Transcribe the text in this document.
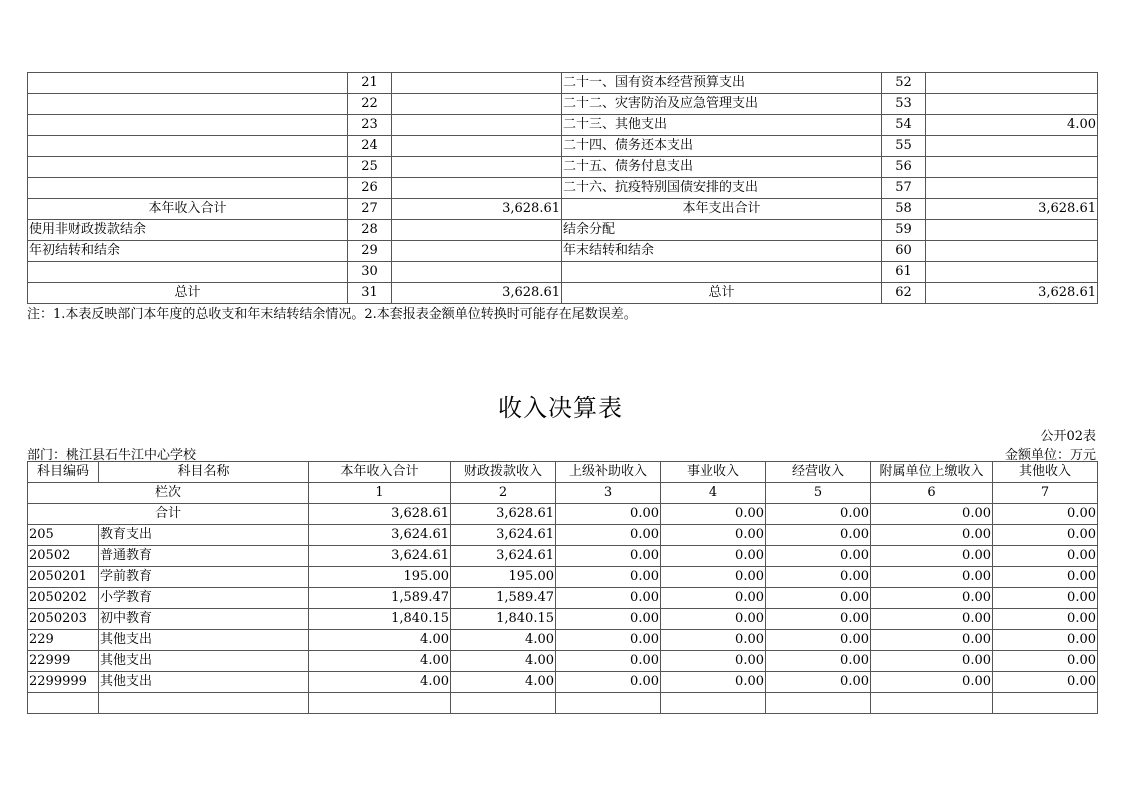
	21		二十一、国有资本经营预算支出	52	
	22		二十二、灾害防治及应急管理支出	53	
	23		二十三、其他支出	54	4.00
	24		二十四、债务还本支出	55	
	25		二十五、债务付息支出	56	
	26		二十六、抗疫特别国债安排的支出	57	
本年收入合计	27	3,628.61	本年支出合计	58	3,628.61
使用非财政拨款结余	28		结余分配	59	
年初结转和结余	29		年末结转和结余	60	
	30			61	
总计	31	3,628.61	总计	62	3,628.61
注：1.本表反映部门本年度的总收支和年末结转结余情况。2.本套报表金额单位转换时可能存在尾数误差。
收入决算表
公开02表
部门：桃江县石牛江中心学校	金额单位：万元
科目编码	科目名称	本年收入合计	财政拨款收入	上级补助收入	事业收入	经营收入	附属单位上缴收入	其他收入
栏次		1	2	3	4	5	6	7
合计		3,628.61	3,628.61	0.00	0.00	0.00	0.00	0.00
205	教育支出	3,624.61	3,624.61	0.00	0.00	0.00	0.00	0.00
20502	普通教育	3,624.61	3,624.61	0.00	0.00	0.00	0.00	0.00
2050201	学前教育	195.00	195.00	0.00	0.00	0.00	0.00	0.00
2050202	小学教育	1,589.47	1,589.47	0.00	0.00	0.00	0.00	0.00
2050203	初中教育	1,840.15	1,840.15	0.00	0.00	0.00	0.00	0.00
229	其他支出	4.00	4.00	0.00	0.00	0.00	0.00	0.00
22999	其他支出	4.00	4.00	0.00	0.00	0.00	0.00	0.00
2299999	其他支出	4.00	4.00	0.00	0.00	0.00	0.00	0.00
